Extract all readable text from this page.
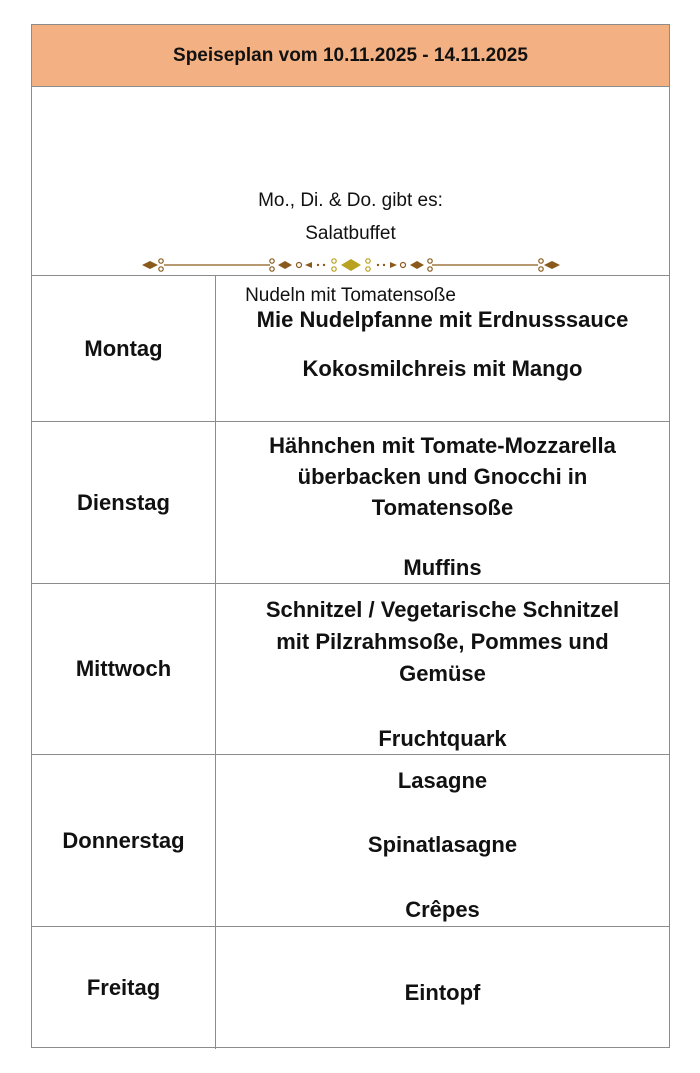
Speiseplan vom 10.11.2025 - 14.11.2025
Mo., Di. & Do. gibt es:
Salatbuffet
Nudeln mit Tomatensoße
Montag
Mie Nudelpfanne mit Erdnusssauce
Kokosmilchreis mit Mango
Dienstag
Hähnchen mit Tomate-Mozzarella
überbacken und Gnocchi in
Tomatensoße
Muffins
Mittwoch
Schnitzel / Vegetarische Schnitzel
mit Pilzrahmsoße, Pommes und
Gemüse
Fruchtquark
Donnerstag
Lasagne
Spinatlasagne
Crêpes
Freitag	Eintopf
